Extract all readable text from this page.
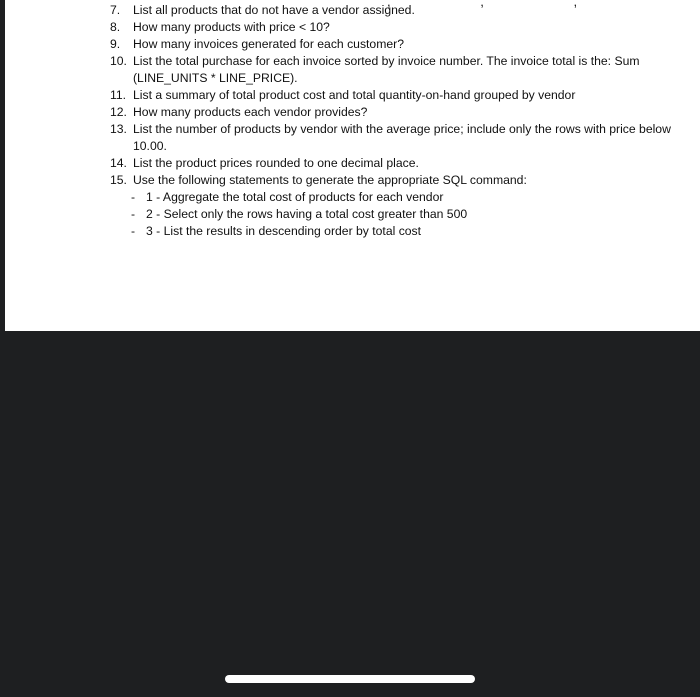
, , ,
7.	List all products that do not have a vendor assigned.
8.	How many products with price < 10?
9.	How many invoices generated for each customer?
10. List the total purchase for each invoice sorted by invoice number. The invoice total is the: Sum (LINE_UNITS * LINE_PRICE).
11. List a summary of total product cost and total quantity-on-hand grouped by vendor
12. How many products each vendor provides?
13. List the number of products by vendor with the average price; include only the rows with price below 10.00.
14. List the product prices rounded to one decimal place.
15. Use the following statements to generate the appropriate SQL command:
- 1 - Aggregate the total cost of products for each vendor
- 2 - Select only the rows having a total cost greater than 500
- 3 - List the results in descending order by total cost
